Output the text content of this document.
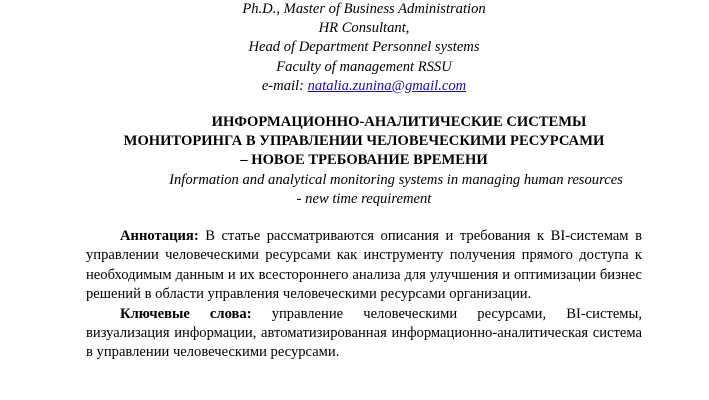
Ph.D., Master of Business Administration
HR Consultant,
Head of Department Personnel systems
Faculty of management RSSU
e-mail: natalia.zunina@gmail.com
ИНФОРМАЦИОННО-АНАЛИТИЧЕСКИЕ СИСТЕМЫ
МОНИТОРИНГА В УПРАВЛЕНИИ ЧЕЛОВЕЧЕСКИМИ РЕСУРСАМИ
– НОВОЕ ТРЕБОВАНИЕ ВРЕМЕНИ
Information and analytical monitoring systems in managing human resources
- new time requirement

Аннотация: В статье рассматриваются описания и требования к BI-системам в управлении человеческими ресурсами как инструменту получения прямого доступа к необходимым данным и их всестороннего анализа для улучшения и оптимизации бизнес решений в области управления человеческими ресурсами организации.

Ключевые слова: управление человеческими ресурсами, BI-системы, визуализация информации, автоматизированная информационно-аналитическая система в управлении человеческими ресурсами.
